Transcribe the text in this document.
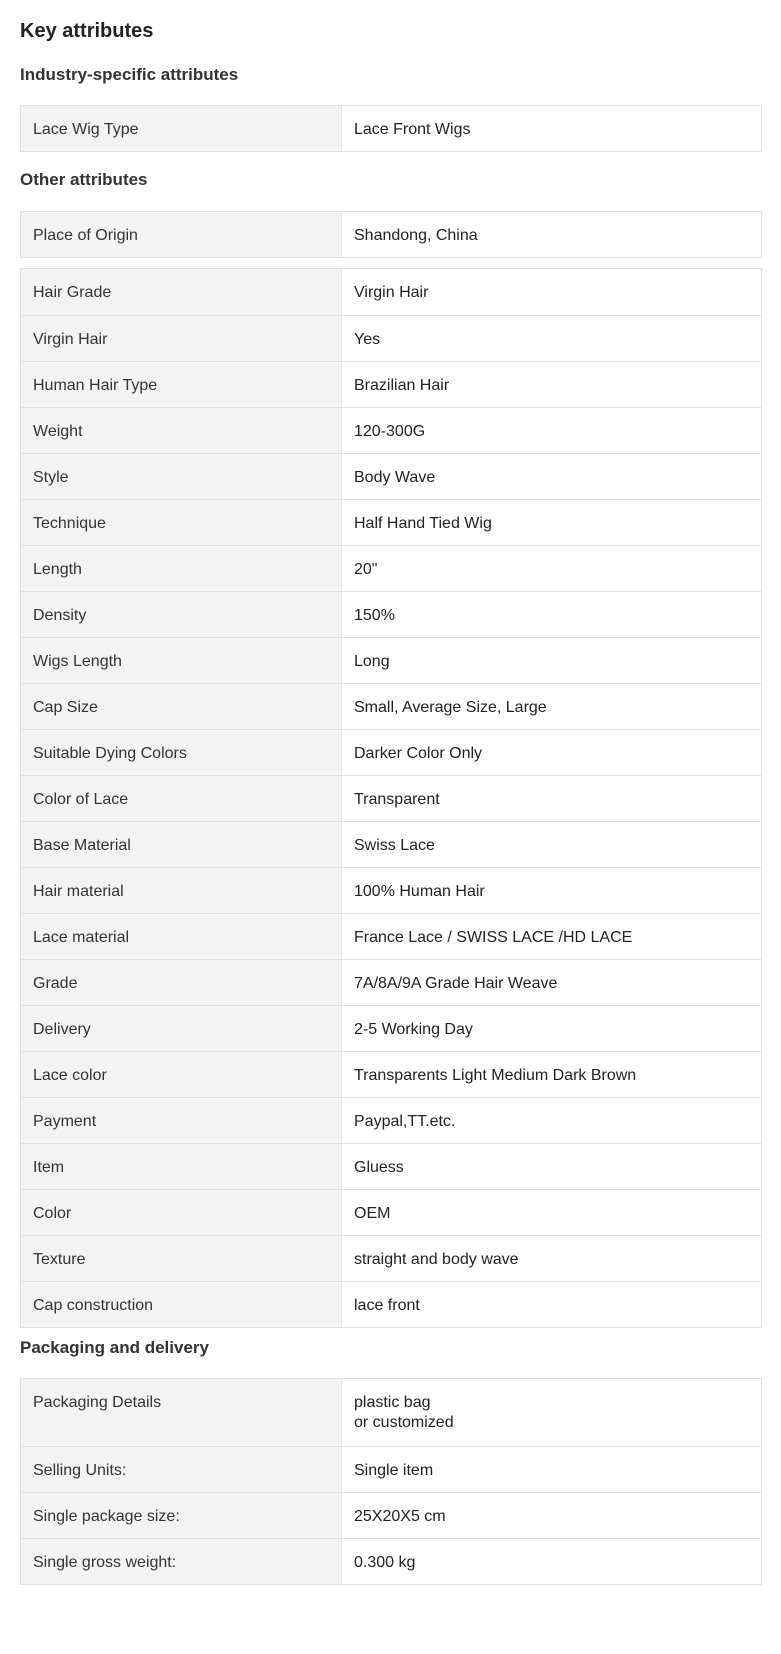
Key attributes
Industry-specific attributes
Lace Wig Type	Lace Front Wigs
Other attributes
Place of Origin	Shandong, China
Hair Grade	Virgin Hair
Virgin Hair	Yes
Human Hair Type	Brazilian Hair
Weight	120-300G
Style	Body Wave
Technique	Half Hand Tied Wig
Length	20"
Density	150%
Wigs Length	Long
Cap Size	Small, Average Size, Large
Suitable Dying Colors	Darker Color Only
Color of Lace	Transparent
Base Material	Swiss Lace
Hair material	100% Human Hair
Lace material	France Lace / SWISS LACE /HD LACE
Grade	7A/8A/9A Grade Hair Weave
Delivery	2-5 Working Day
Lace color	Transparents Light Medium Dark Brown
Payment	Paypal,TT.etc.
Item	Gluess
Color	OEM
Texture	straight and body wave
Cap construction	lace front
Packaging and delivery
Packaging Details	plastic bag
or customized
Selling Units:	Single item
Single package size:	25X20X5 cm
Single gross weight:	0.300 kg
